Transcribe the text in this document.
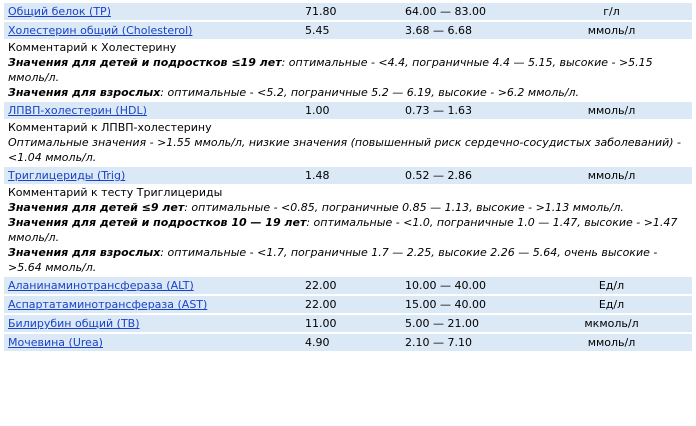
Общий белок (TP)	71.80	64.00 — 83.00	г/л
Холестерин общий (Cholesterol)	5.45	3.68 — 6.68	ммоль/л
Комментарий к Холестерину
Значения для детей и подростков ≤19 лет: оптимальные - <4.4, пограничные 4.4 — 5.15, высокие - >5.15 ммоль/л.
Значения для взрослых: оптимальные - <5.2, пограничные 5.2 — 6.19, высокие - >6.2 ммоль/л.
ЛПВП-холестерин (HDL)	1.00	0.73 — 1.63	ммоль/л
Комментарий к ЛПВП-холестерину
Оптимальные значения - >1.55 ммоль/л, низкие значения (повышенный риск сердечно-сосудистых заболеваний) - <1.04 ммоль/л.
Триглицериды (Trig)	1.48	0.52 — 2.86	ммоль/л
Комментарий к тесту Триглицериды
Значения для детей ≤9 лет: оптимальные - <0.85, пограничные 0.85 — 1.13, высокие - >1.13 ммоль/л.
Значения для детей и подростков 10 — 19 лет: оптимальные - <1.0, пограничные 1.0 — 1.47, высокие - >1.47 ммоль/л.
Значения для взрослых: оптимальные - <1.7, пограничные 1.7 — 2.25, высокие 2.26 — 5.64, очень высокие - >5.64 ммоль/л.
Аланинаминотрансфераза (ALT)	22.00	10.00 — 40.00	Ед/л
Аспартатаминотрансфераза (AST)	22.00	15.00 — 40.00	Ед/л
Билирубин общий (TB)	11.00	5.00 — 21.00	мкмоль/л
Мочевина (Urea)	4.90	2.10 — 7.10	ммоль/л
